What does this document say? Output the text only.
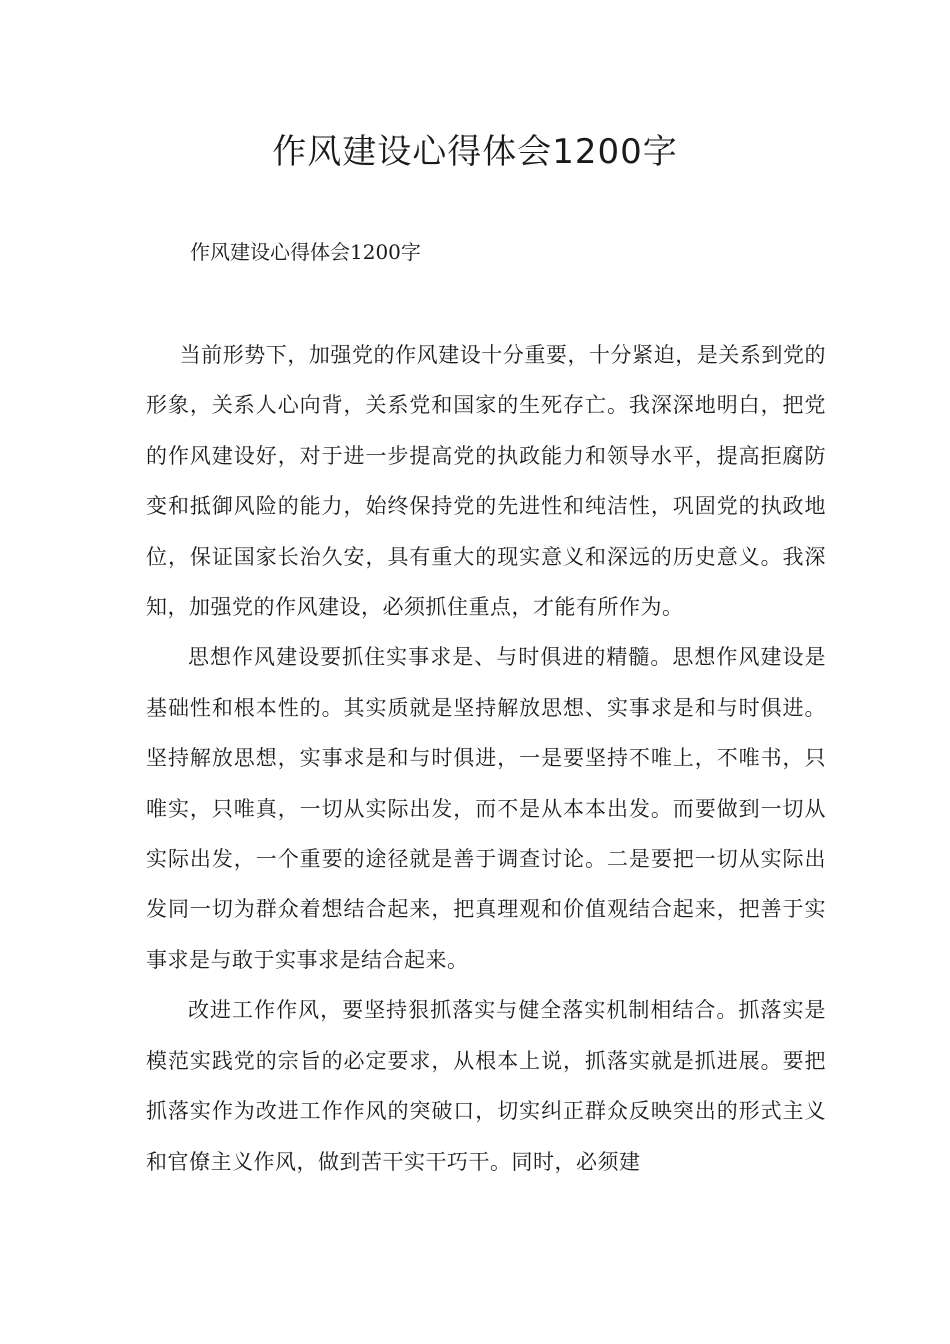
作风建设心得体会1200字
作风建设心得体会1200字

当前形势下，加强党的作风建设十分重要，十分紧迫，是关系到党的形象，关系人心向背，关系党和国家的生死存亡。我深深地明白，把党的作风建设好，对于进一步提高党的执政能力和领导水平，提高拒腐防变和抵御风险的能力，始终保持党的先进性和纯洁性，巩固党的执政地位，保证国家长治久安，具有重大的现实意义和深远的历史意义。我深知，加强党的作风建设，必须抓住重点，才能有所作为。

思想作风建设要抓住实事求是、与时俱进的精髓。思想作风建设是基础性和根本性的。其实质就是坚持解放思想、实事求是和与时俱进。坚持解放思想，实事求是和与时俱进，一是要坚持不唯上，不唯书，只唯实，只唯真，一切从实际出发，而不是从本本出发。而要做到一切从实际出发，一个重要的途径就是善于调查讨论。二是要把一切从实际出发同一切为群众着想结合起来，把真理观和价值观结合起来，把善于实事求是与敢于实事求是结合起来。

改进工作作风，要坚持狠抓落实与健全落实机制相结合。抓落实是模范实践党的宗旨的必定要求，从根本上说，抓落实就是抓进展。要把抓落实作为改进工作作风的突破口，切实纠正群众反映突出的形式主义和官僚主义作风，做到苦干实干巧干。同时，必须建
